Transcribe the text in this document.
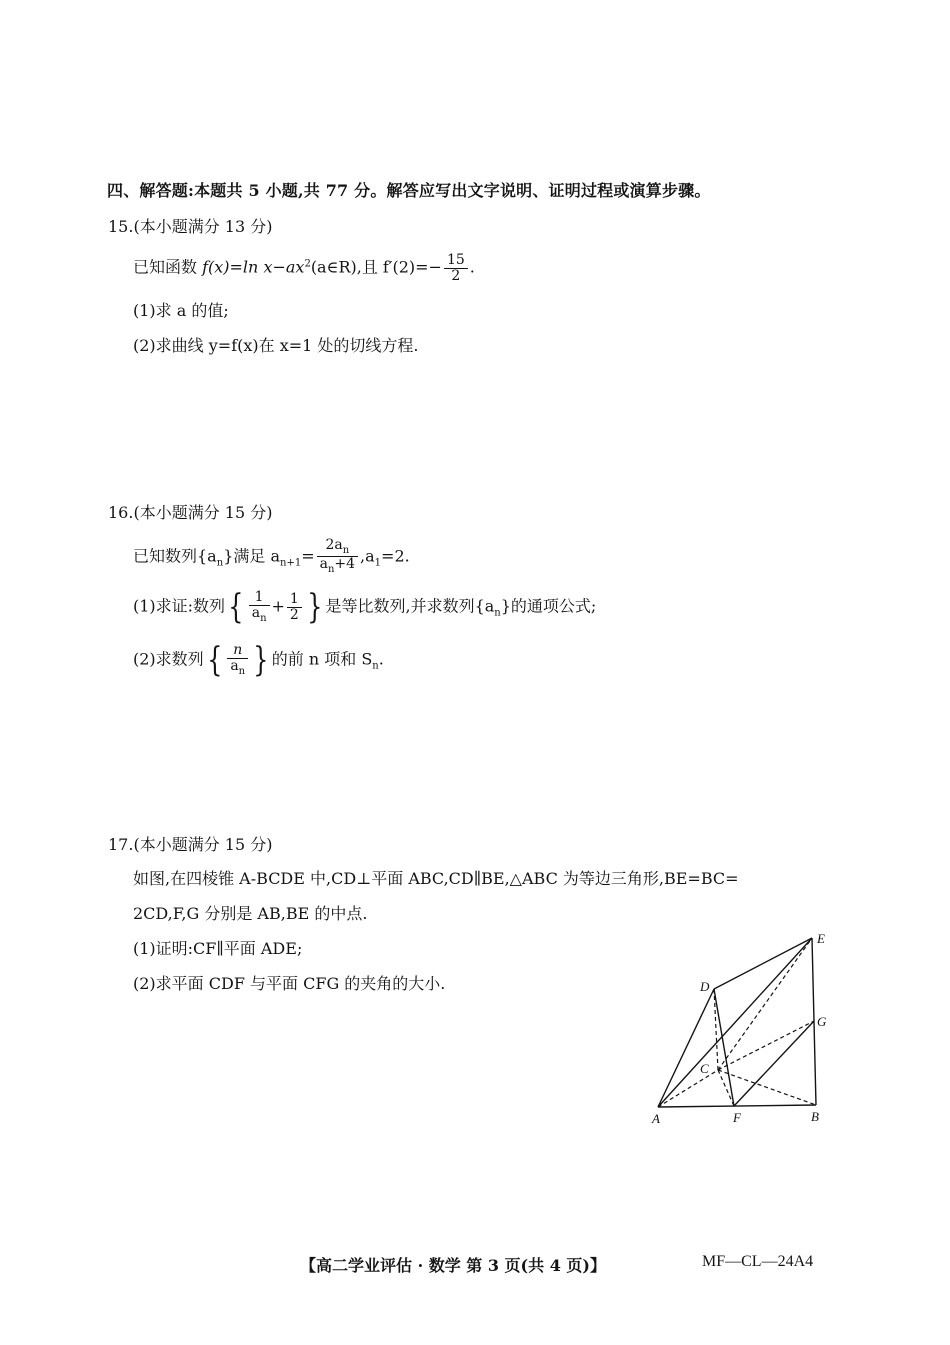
四、解答题:本题共 5 小题,共 77 分。解答应写出文字说明、证明过程或演算步骤。
15.(本小题满分 13 分)
已知函数 f(x)=ln $x-ax^2(a\in R)$,且 $f'(2)=- \frac{15}{2}$ .
(1)求 a 的值;
(2)求曲线 y=f(x)在 x=1 处的切线方程.
16.(本小题满分 15 分)
已知数列$\{a_n\}$满足 $a_{n+1}= \frac{2a_n}{a_n+4} ,a_1=2$.
(1)求证:数列{ $\frac{1}{a_n} + \frac{1}{2}$ } 是等比数列,并求数列$\{a_n\}$的通项公式;
(2)求数列{ $\frac{n}{a_n}$ } 的前 n 项和 $S_n$.
17.(本小题满分 15 分)
如图,在四棱锥 A-BCDE 中,CD⊥平面 ABC,CD∥BE,△ABC 为等边三角形,BE=BC=
2CD,F,G 分别是 AB,BE 的中点.
(1)证明:CF∥平面 ADE;
(2)求平面 CDF 与平面 CFG 的夹角的大小.	D
E
G
C
A	F	B
【高二学业评估 · 数学 第 3 页(共 4 页)】	MF—CL—24A4
